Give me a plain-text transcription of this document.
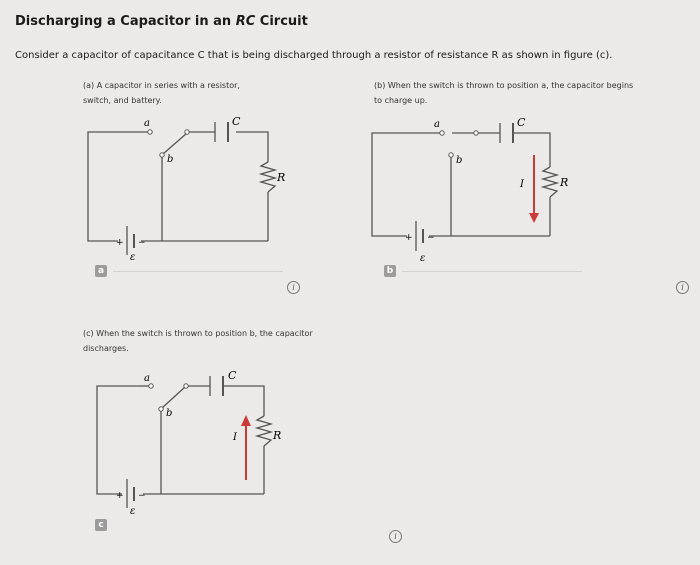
Discharging a Capacitor in an RC Circuit
Consider a capacitor of capacitance C that is being discharged through a resistor of resistance R as shown in figure (c).
(a) A capacitor in series with a resistor,
switch, and battery.
(b) When the switch is thrown to position a, the capacitor begins
to charge up.
(c) When the switch is thrown to position b, the capacitor
discharges.
a
b
C
R
ε
+ −
a
i
a
b
C
R
I
ε
+ −
b
i
a
b
C
R
I
ε
+ −
c
i
